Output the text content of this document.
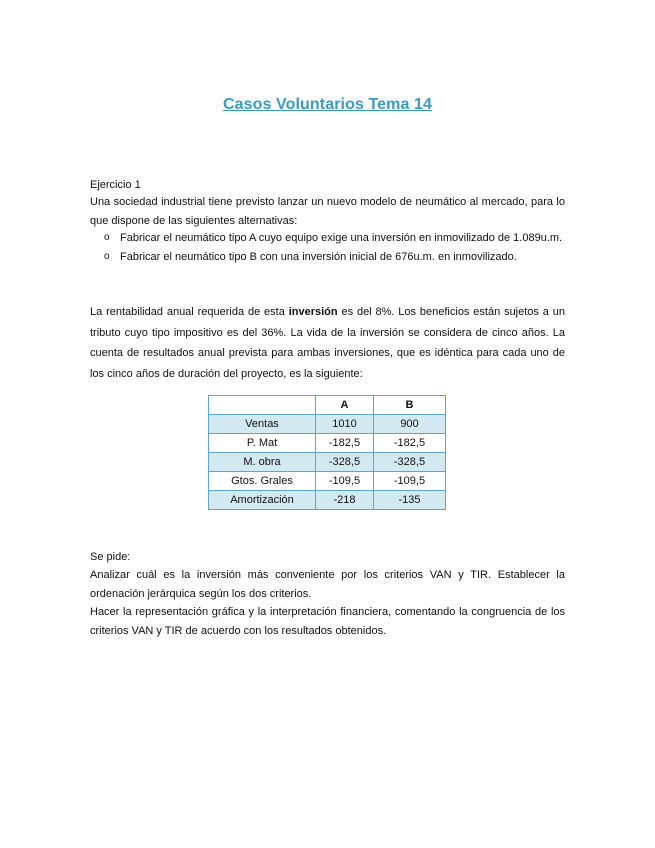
Casos Voluntarios Tema 14

Ejercicio 1

Una sociedad industrial tiene previsto lanzar un nuevo modelo de neumático al mercado, para lo que dispone de las siguientes alternativas:

o Fabricar el neumático tipo A cuyo equipo exige una inversión en inmovilizado de 1.089u.m.
o Fabricar el neumático tipo B con una inversión inicial de 676u.m. en inmovilizado.

La rentabilidad anual requerida de esta inversión es del 8%. Los beneficios están sujetos a un tributo cuyo tipo impositivo es del 36%. La vida de la inversión se considera de cinco años. La cuenta de resultados anual prevista para ambas inversiones, que es idéntica para cada uno de los cinco años de duración del proyecto, es la siguiente:

	A	B
Ventas	1010	900
P. Mat	-182,5	-182,5
M. obra	-328,5	-328,5
Gtos. Grales	-109,5	-109,5
Amortización	-218	-135

Se pide:

Analizar cuál es la inversión más conveniente por los criterios VAN y TIR. Establecer la ordenación jerárquica según los dos criterios.

Hacer la representación gráfica y la interpretación financiera, comentando la congruencia de los criterios VAN y TIR de acuerdo con los resultados obtenidos.
